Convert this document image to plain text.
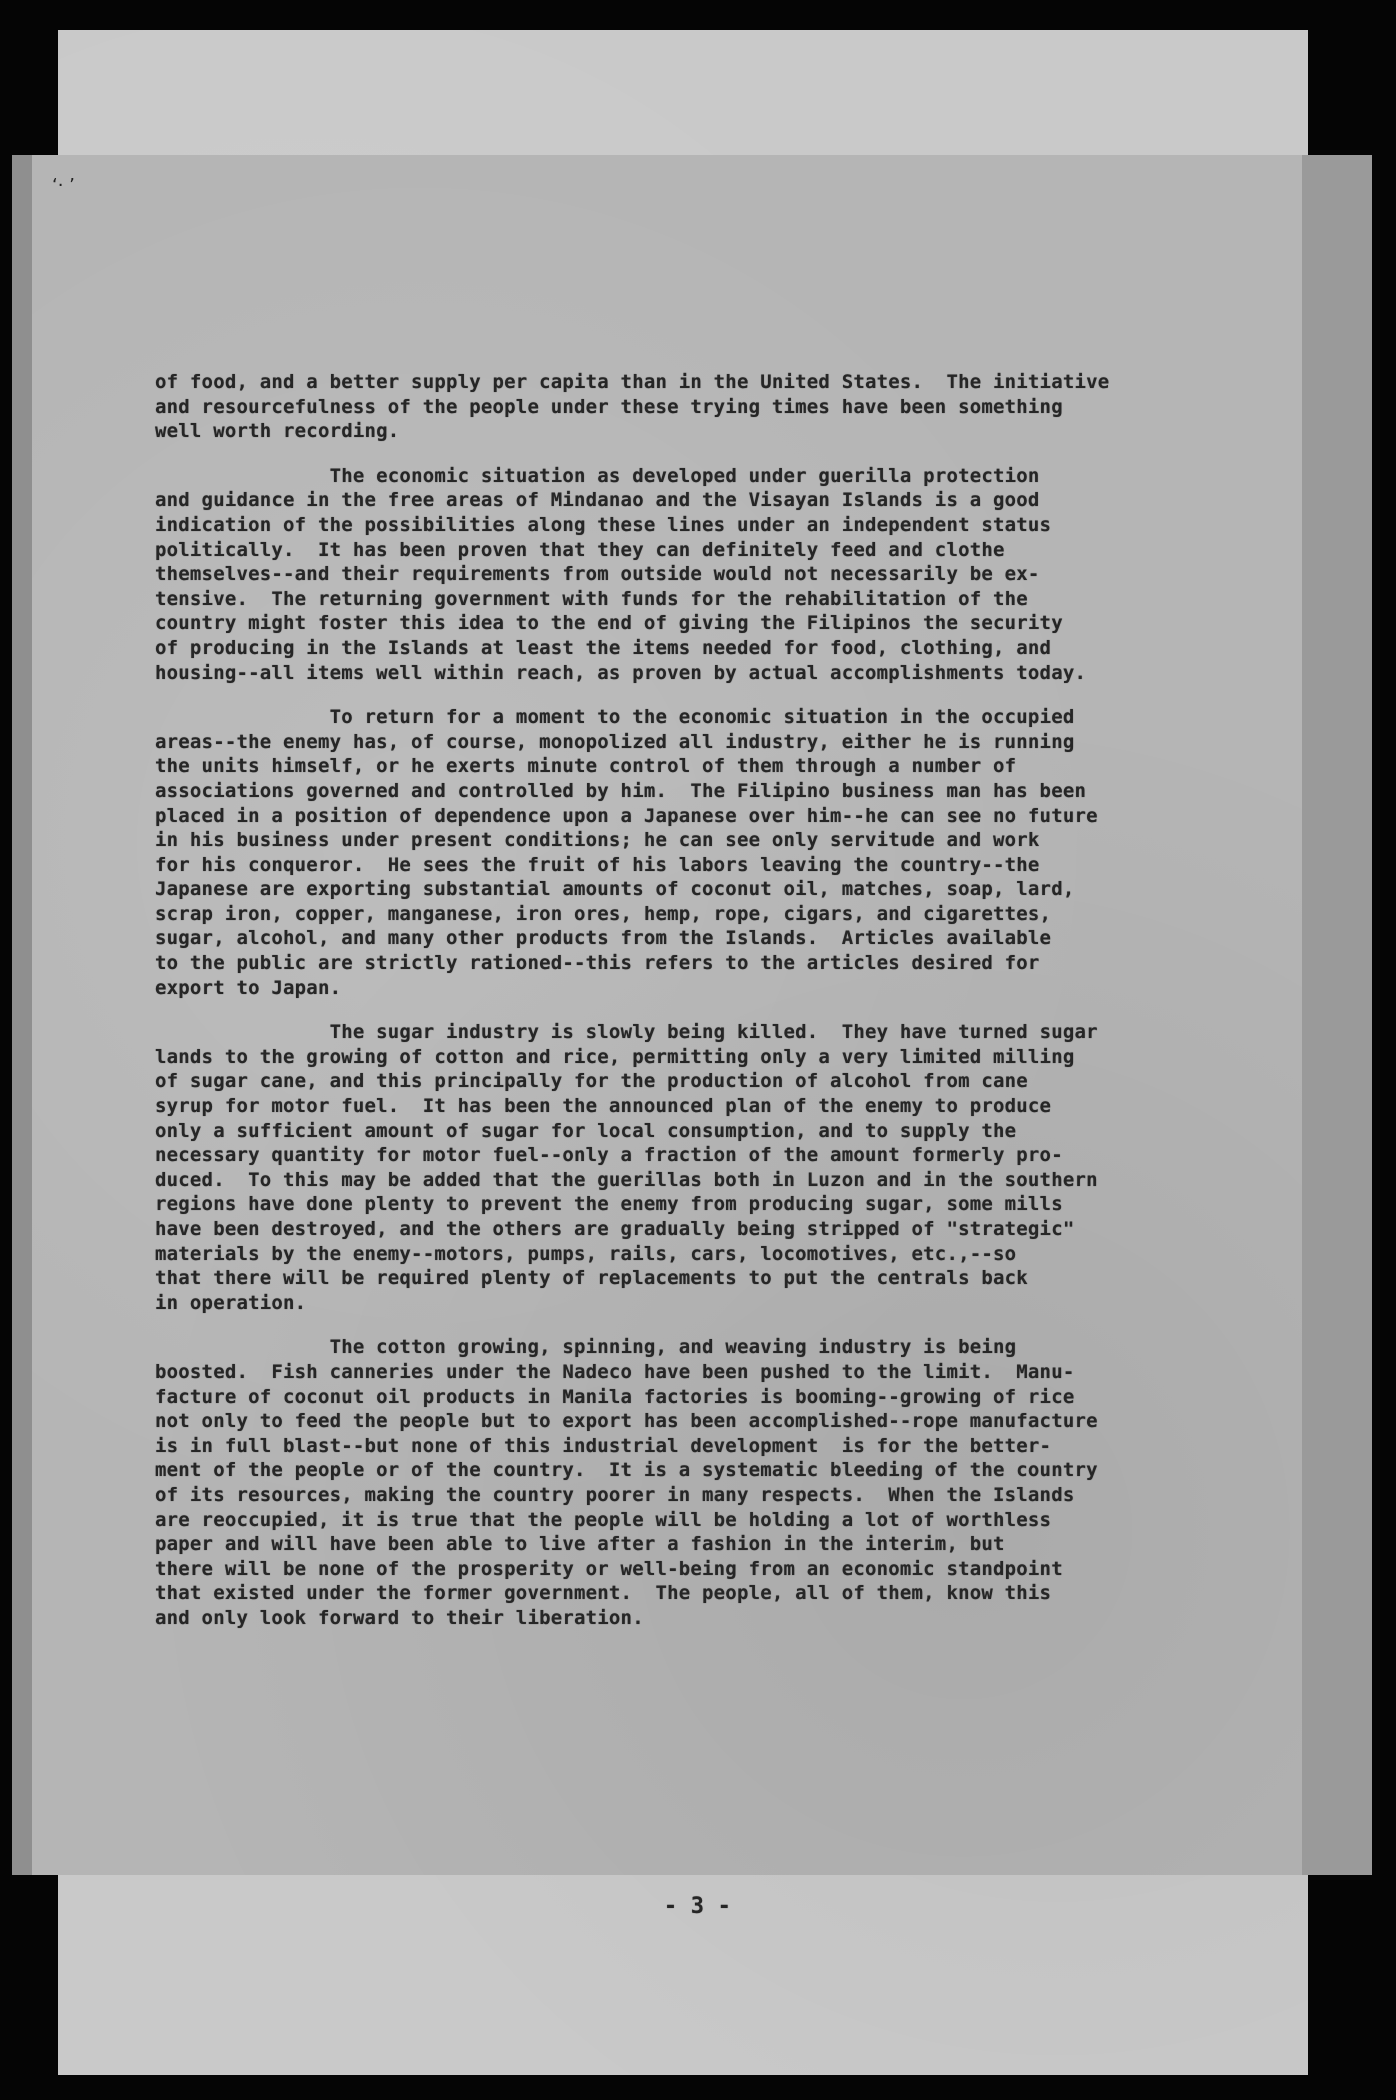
‘· ’

of food, and a better supply per capita than in the United States.  The initiative
and resourcefulness of the people under these trying times have been something
well worth recording.

The economic situation as developed under guerilla protection
and guidance in the free areas of Mindanao and the Visayan Islands is a good
indication of the possibilities along these lines under an independent status
politically.  It has been proven that they can definitely feed and clothe
themselves--and their requirements from outside would not necessarily be ex-
tensive.  The returning government with funds for the rehabilitation of the
country might foster this idea to the end of giving the Filipinos the security
of producing in the Islands at least the items needed for food, clothing, and
housing--all items well within reach, as proven by actual accomplishments today.

To return for a moment to the economic situation in the occupied
areas--the enemy has, of course, monopolized all industry, either he is running
the units himself, or he exerts minute control of them through a number of
associations governed and controlled by him.  The Filipino business man has been
placed in a position of dependence upon a Japanese over him--he can see no future
in his business under present conditions; he can see only servitude and work
for his conqueror.  He sees the fruit of his labors leaving the country--the
Japanese are exporting substantial amounts of coconut oil, matches, soap, lard,
scrap iron, copper, manganese, iron ores, hemp, rope, cigars, and cigarettes,
sugar, alcohol, and many other products from the Islands.  Articles available
to the public are strictly rationed--this refers to the articles desired for
export to Japan.

The sugar industry is slowly being killed.  They have turned sugar
lands to the growing of cotton and rice, permitting only a very limited milling
of sugar cane, and this principally for the production of alcohol from cane
syrup for motor fuel.  It has been the announced plan of the enemy to produce
only a sufficient amount of sugar for local consumption, and to supply the
necessary quantity for motor fuel--only a fraction of the amount formerly pro-
duced.  To this may be added that the guerillas both in Luzon and in the southern
regions have done plenty to prevent the enemy from producing sugar, some mills
have been destroyed, and the others are gradually being stripped of "strategic"
materials by the enemy--motors, pumps, rails, cars, locomotives, etc.,--so
that there will be required plenty of replacements to put the centrals back
in operation.

The cotton growing, spinning, and weaving industry is being
boosted.  Fish canneries under the Nadeco have been pushed to the limit.  Manu-
facture of coconut oil products in Manila factories is booming--growing of rice
not only to feed the people but to export has been accomplished--rope manufacture
is in full blast--but none of this industrial development  is for the better-
ment of the people or of the country.  It is a systematic bleeding of the country
of its resources, making the country poorer in many respects.  When the Islands
are reoccupied, it is true that the people will be holding a lot of worthless
paper and will have been able to live after a fashion in the interim, but
there will be none of the prosperity or well-being from an economic standpoint
that existed under the former government.  The people, all of them, know this
and only look forward to their liberation.

- 3 -
